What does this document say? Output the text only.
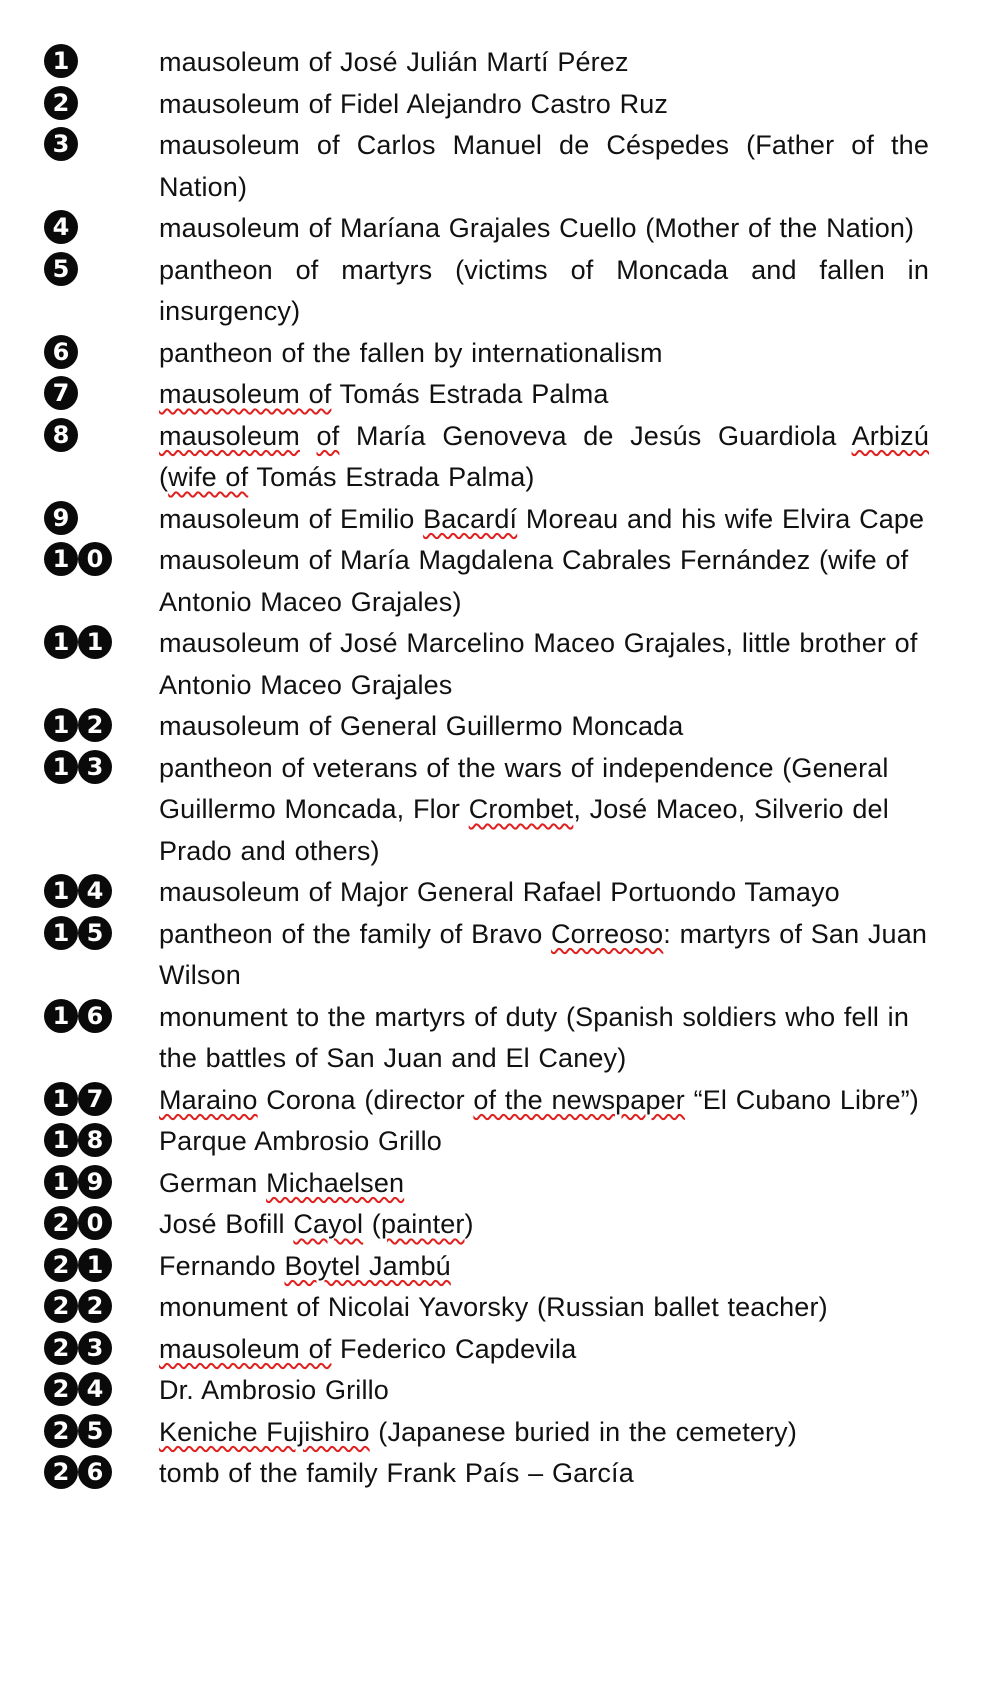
1	mausoleum of José Julián Martí Pérez
2	mausoleum of Fidel Alejandro Castro Ruz
3	mausoleum of Carlos Manuel de Céspedes (Father of the Nation)
4	mausoleum of Maríana Grajales Cuello (Mother of the Nation)
5	pantheon of martyrs (victims of Moncada and fallen in insurgency)
6	pantheon of the fallen by internationalism
7	mausoleum of Tomás Estrada Palma
8	mausoleum of María Genoveva de Jesús Guardiola Arbizú (wife of Tomás Estrada Palma)
9	mausoleum of Emilio Bacardí Moreau and his wife Elvira Cape
1 0	mausoleum of María Magdalena Cabrales Fernández (wife of Antonio Maceo Grajales)
1 1	mausoleum of José Marcelino Maceo Grajales, little brother of Antonio Maceo Grajales
1 2	mausoleum of General Guillermo Moncada
1 3	pantheon of veterans of the wars of independence (General Guillermo Moncada, Flor Crombet, José Maceo, Silverio del Prado and others)
1 4	mausoleum of Major General Rafael Portuondo Tamayo
1 5	pantheon of the family of Bravo Correoso: martyrs of San Juan Wilson
1 6	monument to the martyrs of duty (Spanish soldiers who fell in the battles of San Juan and El Caney)
1 7	Maraino Corona (director of the newspaper “El Cubano Libre”)
1 8	Parque Ambrosio Grillo
1 9	German Michaelsen
2 0	José Bofill Cayol (painter)
2 1	Fernando Boytel Jambú
2 2	monument of Nicolai Yavorsky (Russian ballet teacher)
2 3	mausoleum of Federico Capdevila
2 4	Dr. Ambrosio Grillo
2 5	Keniche Fujishiro (Japanese buried in the cemetery)
2 6	tomb of the family Frank País – García
